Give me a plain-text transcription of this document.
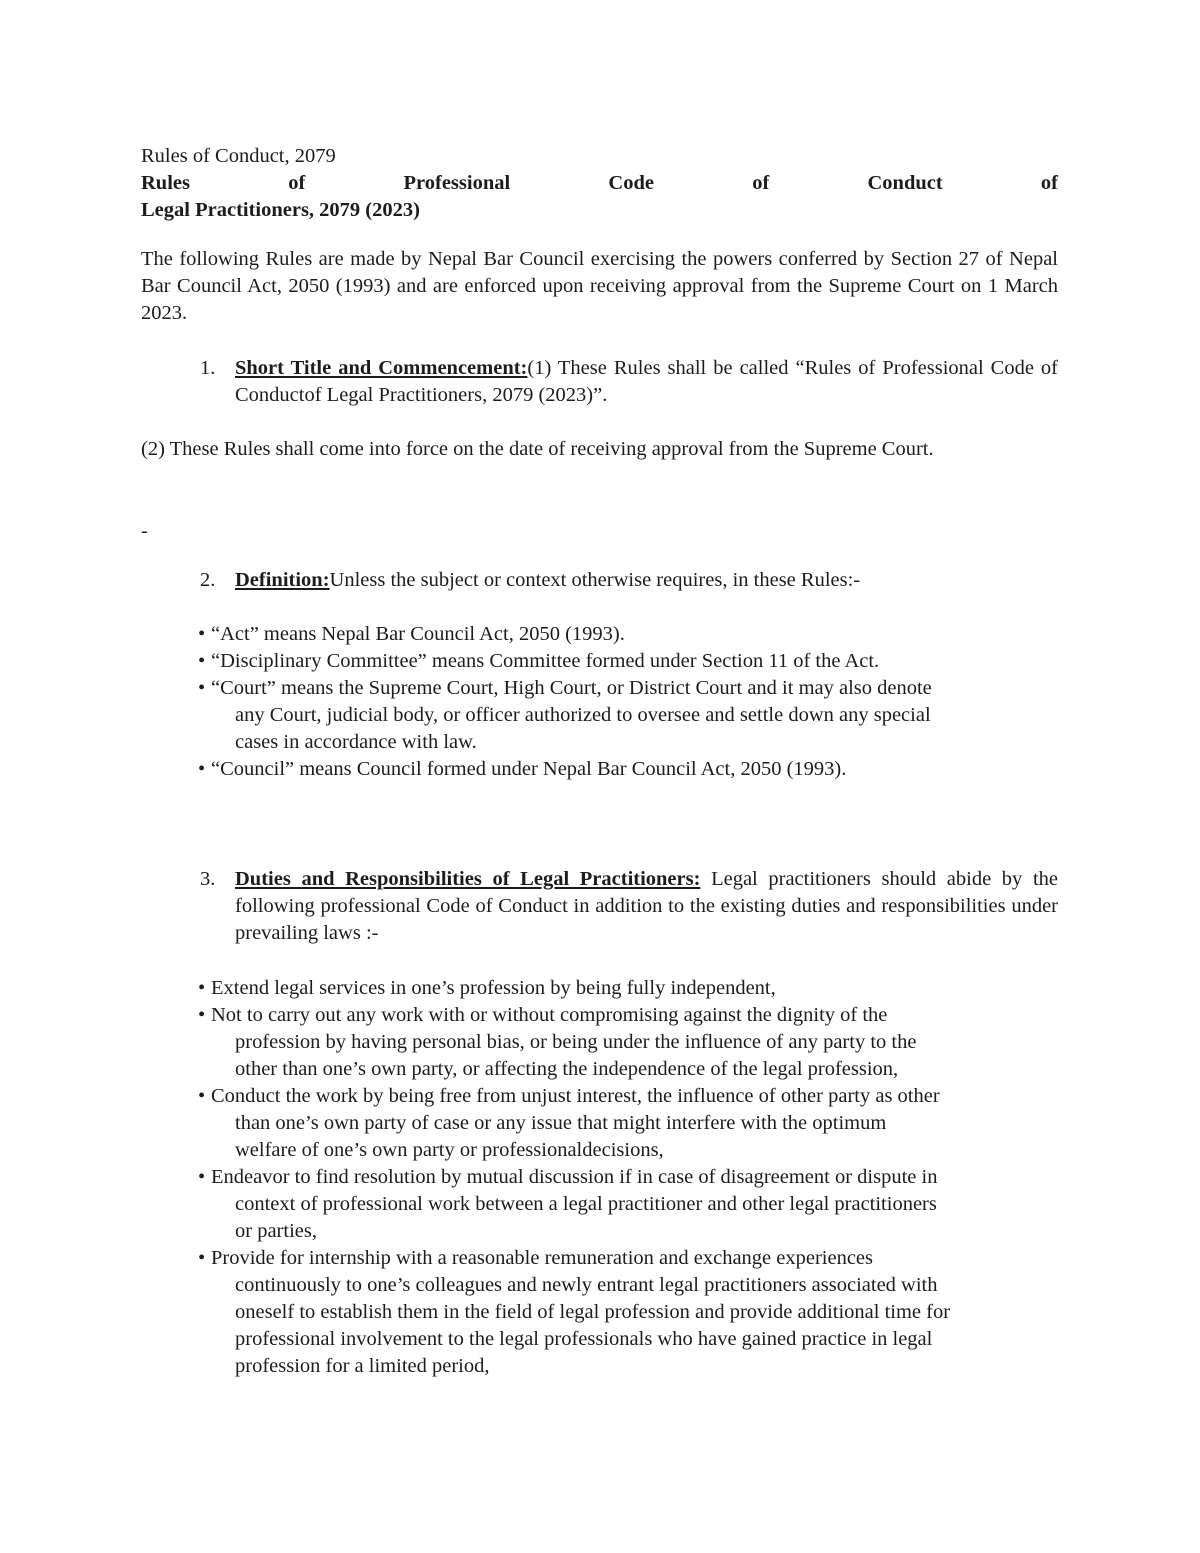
Rules of Conduct, 2079
Rules	of	Professional	Code	of	Conduct	of
Legal Practitioners, 2079 (2023)
The following Rules are made by Nepal Bar Council exercising the powers conferred by Section 27 of Nepal Bar Council Act, 2050 (1993) and are enforced upon receiving approval from the Supreme Court on 1 March 2023.
1. Short Title and Commencement:(1) These Rules shall be called “Rules of Professional Code of Conductof Legal Practitioners, 2079 (2023)”.
(2) These Rules shall come into force on the date of receiving approval from the Supreme Court.
-
2. Definition:Unless the subject or context otherwise requires, in these Rules:-
• “Act” means Nepal Bar Council Act, 2050 (1993).
• “Disciplinary Committee” means Committee formed under Section 11 of the Act.
• “Court” means the Supreme Court, High Court, or District Court and it may also denote
any Court, judicial body, or officer authorized to oversee and settle down any special
cases in accordance with law.
• “Council” means Council formed under Nepal Bar Council Act, 2050 (1993).
3. Duties and Responsibilities of Legal Practitioners: Legal practitioners should abide by the following professional Code of Conduct in addition to the existing duties and responsibilities under prevailing laws :-
• Extend legal services in one’s profession by being fully independent,
• Not to carry out any work with or without compromising against the dignity of the
profession by having personal bias, or being under the influence of any party to the
other than one’s own party, or affecting the independence of the legal profession,
• Conduct the work by being free from unjust interest, the influence of other party as other
than one’s own party of case or any issue that might interfere with the optimum
welfare of one’s own party or professionaldecisions,
• Endeavor to find resolution by mutual discussion if in case of disagreement or dispute in
context of professional work between a legal practitioner and other legal practitioners
or parties,
• Provide for internship with a reasonable remuneration and exchange experiences
continuously to one’s colleagues and newly entrant legal practitioners associated with
oneself to establish them in the field of legal profession and provide additional time for
professional involvement to the legal professionals who have gained practice in legal
profession for a limited period,
